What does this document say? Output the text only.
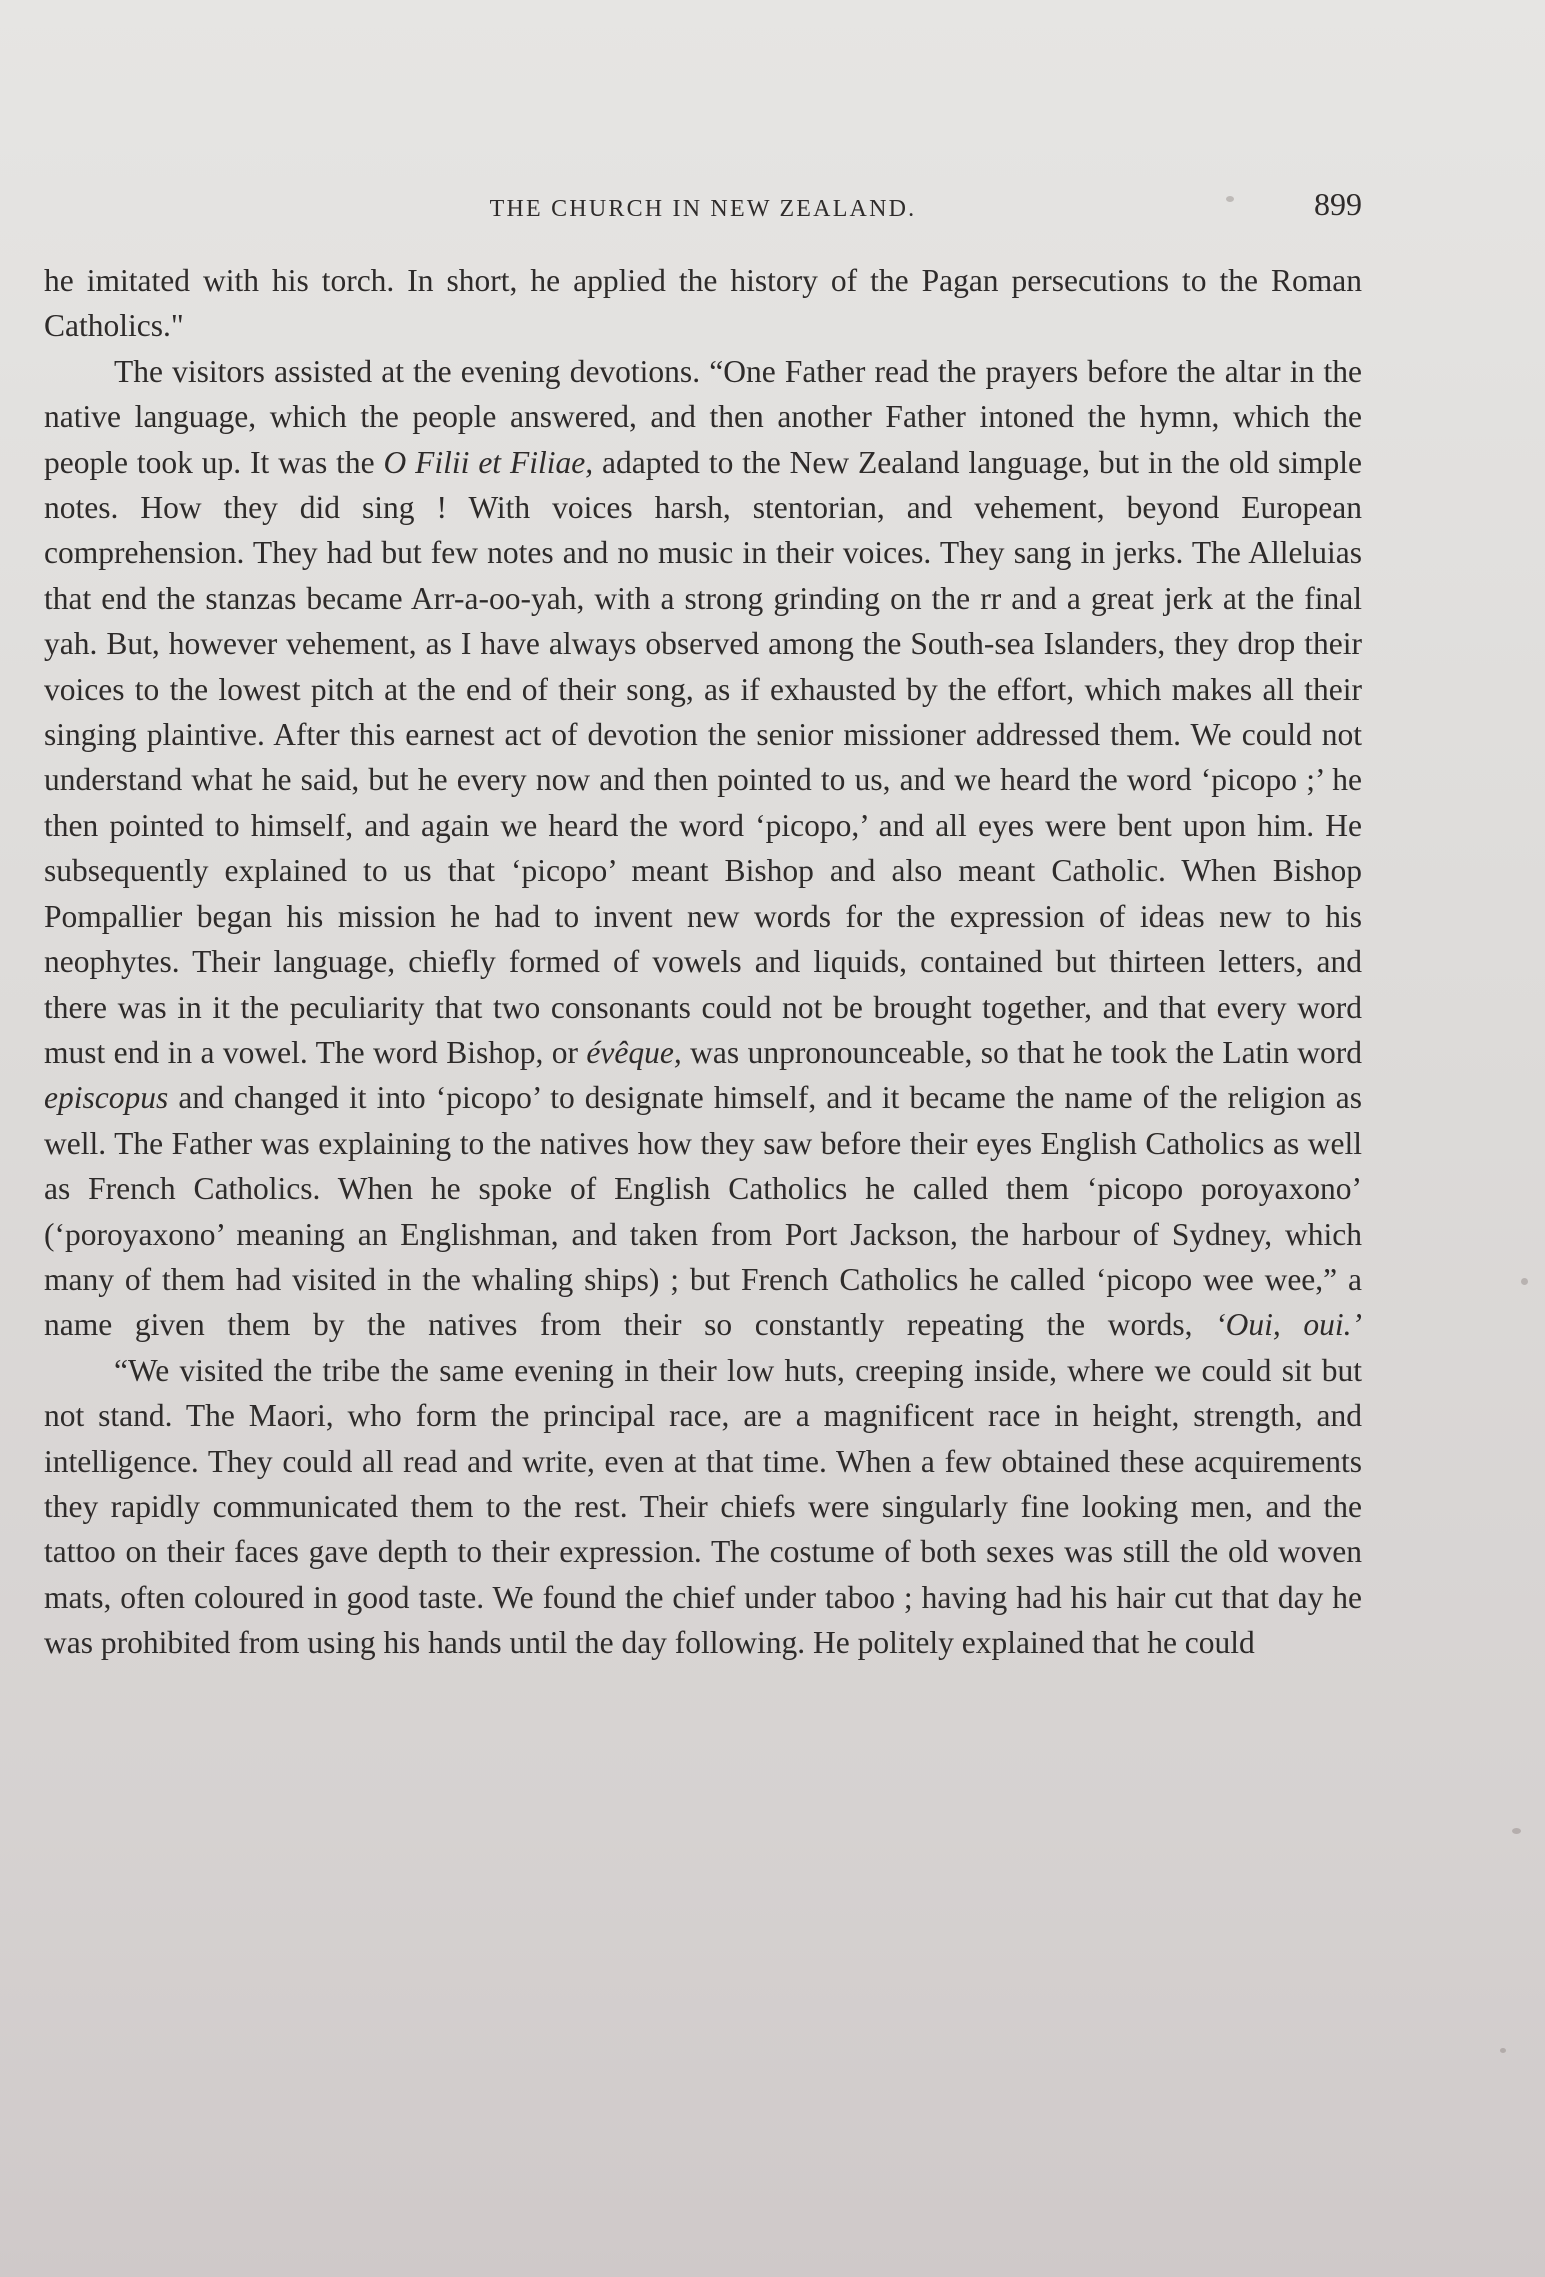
THE CHURCH IN NEW ZEALAND.	899

he imitated with his torch. In short, he applied the history of the Pagan persecutions to the Roman Catholics."

The visitors assisted at the evening devotions. “One Father read the prayers before the altar in the native language, which the people answered, and then another Father intoned the hymn, which the people took up. It was the O Filii et Filiae, adapted to the New Zealand language, but in the old simple notes. How they did sing ! With voices harsh, stentorian, and vehement, beyond European comprehension. They had but few notes and no music in their voices. They sang in jerks. The Alleluias that end the stanzas became Arr-a-oo-yah, with a strong grinding on the rr and a great jerk at the final yah. But, however vehement, as I have always observed among the South-sea Islanders, they drop their voices to the lowest pitch at the end of their song, as if exhausted by the effort, which makes all their singing plaintive. After this earnest act of devotion the senior missioner addressed them. We could not understand what he said, but he every now and then pointed to us, and we heard the word ‘picopo ;’ he then pointed to himself, and again we heard the word ‘picopo,’ and all eyes were bent upon him. He subsequently explained to us that ‘picopo’ meant Bishop and also meant Catholic. When Bishop Pompallier began his mission he had to invent new words for the expression of ideas new to his neophytes. Their language, chiefly formed of vowels and liquids, contained but thirteen letters, and there was in it the peculiarity that two consonants could not be brought together, and that every word must end in a vowel. The word Bishop, or évêque, was unpronounceable, so that he took the Latin word episcopus and changed it into ‘picopo’ to designate himself, and it became the name of the religion as well. The Father was explaining to the natives how they saw before their eyes English Catholics as well as French Catholics. When he spoke of English Catholics he called them ‘picopo poroyaxono’ (‘poroyaxono’ meaning an Englishman, and taken from Port Jackson, the harbour of Sydney, which many of them had visited in the whaling ships) ; but French Catholics he called ‘picopo wee wee,” a name given them by the natives from their so constantly repeating the words, ‘Oui, oui.’

“We visited the tribe the same evening in their low huts, creeping inside, where we could sit but not stand. The Maori, who form the principal race, are a magnificent race in height, strength, and intelligence. They could all read and write, even at that time. When a few obtained these acquirements they rapidly communicated them to the rest. Their chiefs were singularly fine looking men, and the tattoo on their faces gave depth to their expression. The costume of both sexes was still the old woven mats, often coloured in good taste. We found the chief under taboo ; having had his hair cut that day he was prohibited from using his hands until the day following. He politely explained that he could
